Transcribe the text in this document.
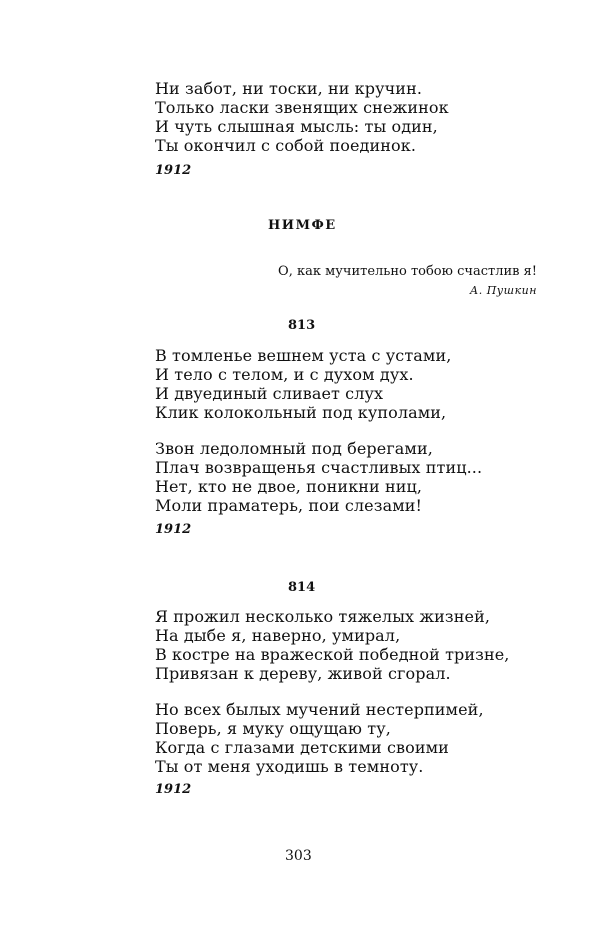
Ни забот, ни тоски, ни кручин.
Только ласки звенящих снежинок
И чуть слышная мысль: ты один,
Ты окончил с собой поединок.
1912
НИМФЕ
О, как мучительно тобою счастлив я!
А. Пушкин
813
В томленье вешнем уста с устами,
И тело с телом, и с духом дух.
И двуединый сливает слух
Клик колокольный под куполами,
Звон ледоломный под берегами,
Плач возвращенья счастливых птиц...
Нет, кто не двое, поникни ниц,
Моли праматерь, пои слезами!
1912
814
Я прожил несколько тяжелых жизней,
На дыбе я, наверно, умирал,
В костре на вражеской победной тризне,
Привязан к дереву, живой сгорал.
Но всех былых мучений нестерпимей,
Поверь, я муку ощущаю ту,
Когда с глазами детскими своими
Ты от меня уходишь в темноту.
1912
303
